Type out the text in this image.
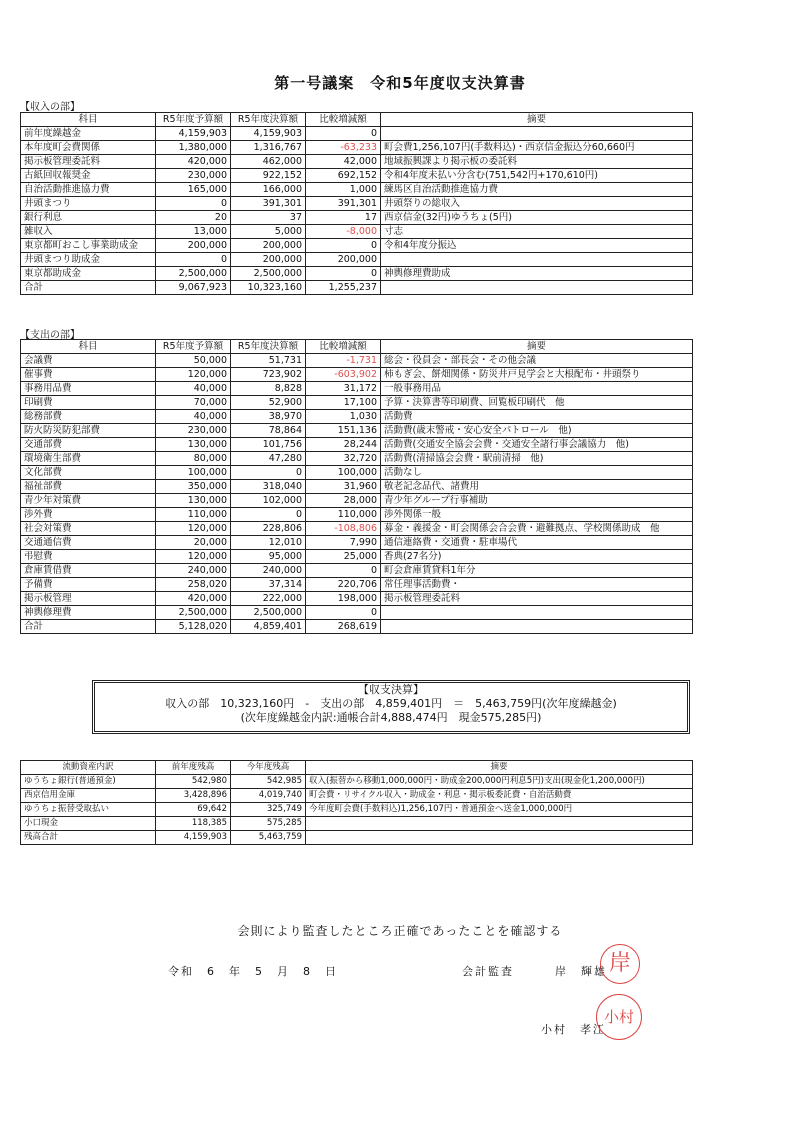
第一号議案　令和5年度収支決算書
【収入の部】
科目	R5年度予算額	R5年度決算額	比較増減額	摘要
前年度繰越金	4,159,903	4,159,903	0	
本年度町会費関係	1,380,000	1,316,767	-63,233	町会費1,256,107円(手数料込)・西京信金振込分60,660円
掲示板管理委託料	420,000	462,000	42,000	地域振興課より掲示板の委託料
古紙回収報奨金	230,000	922,152	692,152	令和4年度未払い分含む(751,542円+170,610円)
自治活動推進協力費	165,000	166,000	1,000	練馬区自治活動推進協力費
井頭まつり	0	391,301	391,301	井頭祭りの総収入
銀行利息	20	37	17	西京信金(32円)ゆうちょ(5円)
雑収入	13,000	5,000	-8,000	寸志
東京都町おこし事業助成金	200,000	200,000	0	令和4年度分振込
井頭まつり助成金	0	200,000	200,000	
東京都助成金	2,500,000	2,500,000	0	神輿修理費助成
合計	9,067,923	10,323,160	1,255,237	
【支出の部】
科目	R5年度予算額	R5年度決算額	比較増減額	摘要
会議費	50,000	51,731	-1,731	総会・役員会・部長会・その他会議
催事費	120,000	723,902	-603,902	柿もぎ会、餅畑関係・防災井戸見学会と大根配布・井頭祭り
事務用品費	40,000	8,828	31,172	一般事務用品
印刷費	70,000	52,900	17,100	予算・決算書等印刷費、回覧板印刷代　他
総務部費	40,000	38,970	1,030	活動費
防火防災防犯部費	230,000	78,864	151,136	活動費(歳末警戒・安心安全パトロール　他)
交通部費	130,000	101,756	28,244	活動費(交通安全協会会費・交通安全諸行事会議協力　他)
環境衛生部費	80,000	47,280	32,720	活動費(清掃協会会費・駅前清掃　他)
文化部費	100,000	0	100,000	活動なし
福祉部費	350,000	318,040	31,960	敬老記念品代、諸費用
青少年対策費	130,000	102,000	28,000	青少年グループ行事補助
渉外費	110,000	0	110,000	渉外関係一般
社会対策費	120,000	228,806	-108,806	募金・義援金・町会関係会合会費・避難拠点、学校関係助成　他
交通通信費	20,000	12,010	7,990	通信連絡費・交通費・駐車場代
弔慰費	120,000	95,000	25,000	香典(27名分)
倉庫賃借費	240,000	240,000	0	町会倉庫賃貸料1年分
予備費	258,020	37,314	220,706	常任理事活動費・
掲示板管理	420,000	222,000	198,000	掲示板管理委託料
神輿修理費	2,500,000	2,500,000	0	
合計	5,128,020	4,859,401	268,619	
【収支決算】
収入の部　10,323,160円　-　支出の部　4,859,401円　＝　5,463,759円(次年度繰越金)
(次年度繰越金内訳:通帳合計4,888,474円　現金575,285円)
流動資産内訳	前年度残高	今年度残高	摘要
ゆうちょ銀行(普通預金)	542,980	542,985	収入(振替から移動1,000,000円・助成金200,000円利息5円)支出(現金化1,200,000円)
西京信用金庫	3,428,896	4,019,740	町会費・リサイクル収入・助成金・利息・掲示板委託費・自治活動費
ゆうちょ振替受取払い	69,642	325,749	今年度町会費(手数料込)1,256,107円・普通預金へ送金1,000,000円
小口現金	118,385	575,285	
残高合計	4,159,903	5,463,759	
会則により監査したところ正確であったことを確認する
令和　6　年　5　月　8　日	会計監査	岸　輝雄 岸
小村　孝江
小村
